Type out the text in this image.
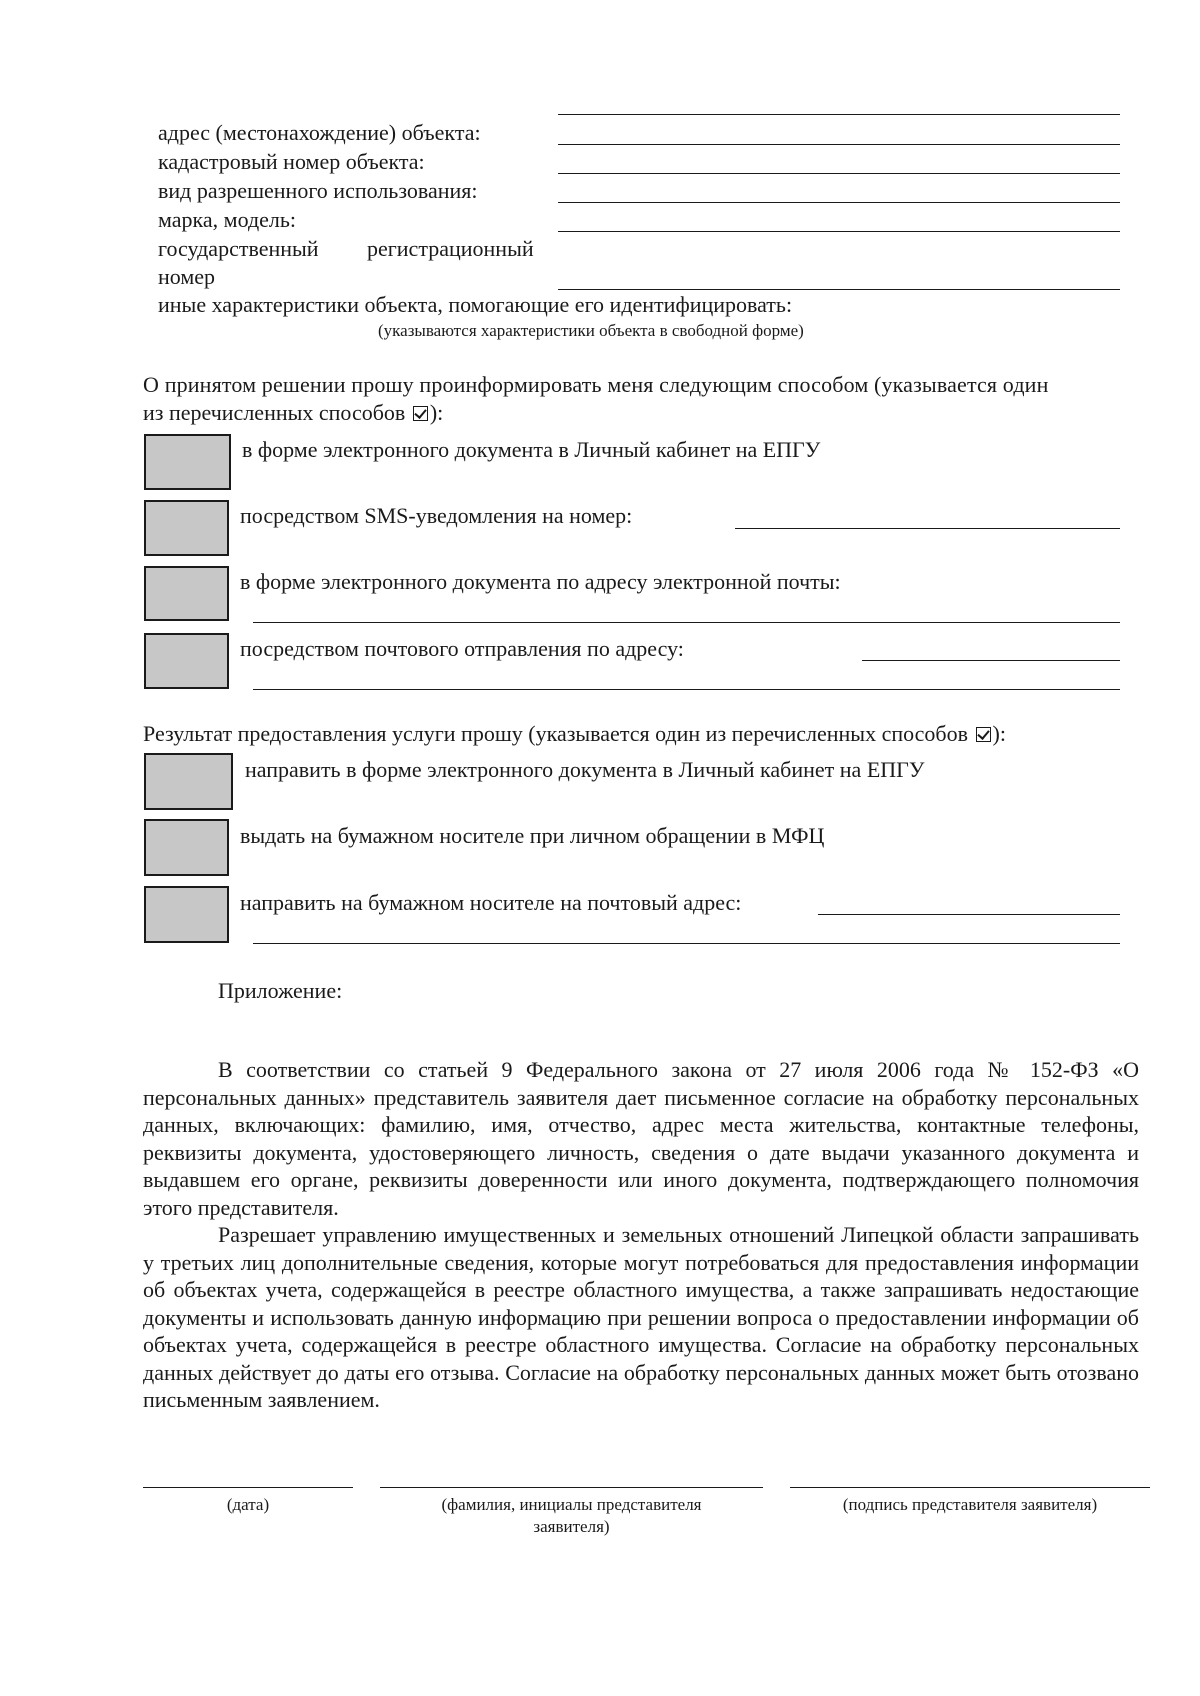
адрес (местонахождение) объекта:
кадастровый номер объекта:
вид разрешенного использования:
марка, модель:
государственный регистрационный
номер
иные характеристики объекта, помогающие его идентифицировать:
(указываются характеристики объекта в свободной форме)
О принятом решении прошу проинформировать меня следующим способом (указывается один
из перечисленных способов ):
в форме электронного документа в Личный кабинет на ЕПГУ
посредством SMS-уведомления на номер:
в форме электронного документа по адресу электронной почты:
посредством почтового отправления по адресу:
Результат предоставления услуги прошу (указывается один из перечисленных способов ):
направить в форме электронного документа в Личный кабинет на ЕПГУ
выдать на бумажном носителе при личном обращении в МФЦ
направить на бумажном носителе на почтовый адрес:
Приложение:

В соответствии со статьей 9 Федерального закона от 27 июля 2006 года № 152-ФЗ «О персональных данных» представитель заявителя дает письменное согласие на обработку персональных данных, включающих: фамилию, имя, отчество, адрес места жительства, контактные телефоны, реквизиты документа, удостоверяющего личность, сведения о дате выдачи указанного документа и выдавшем его органе, реквизиты доверенности или иного документа, подтверждающего полномочия этого представителя.

Разрешает управлению имущественных и земельных отношений Липецкой области запрашивать у третьих лиц дополнительные сведения, которые могут потребоваться для предоставления информации об объектах учета, содержащейся в реестре областного имущества, а также запрашивать недостающие документы и использовать данную информацию при решении вопроса о предоставлении информации об объектах учета, содержащейся в реестре областного имущества. Согласие на обработку персональных данных действует до даты его отзыва. Согласие на обработку персональных данных может быть отозвано письменным заявлением.

(дата)	(фамилия, инициалы представителя
заявителя)
(подпись представителя заявителя)
